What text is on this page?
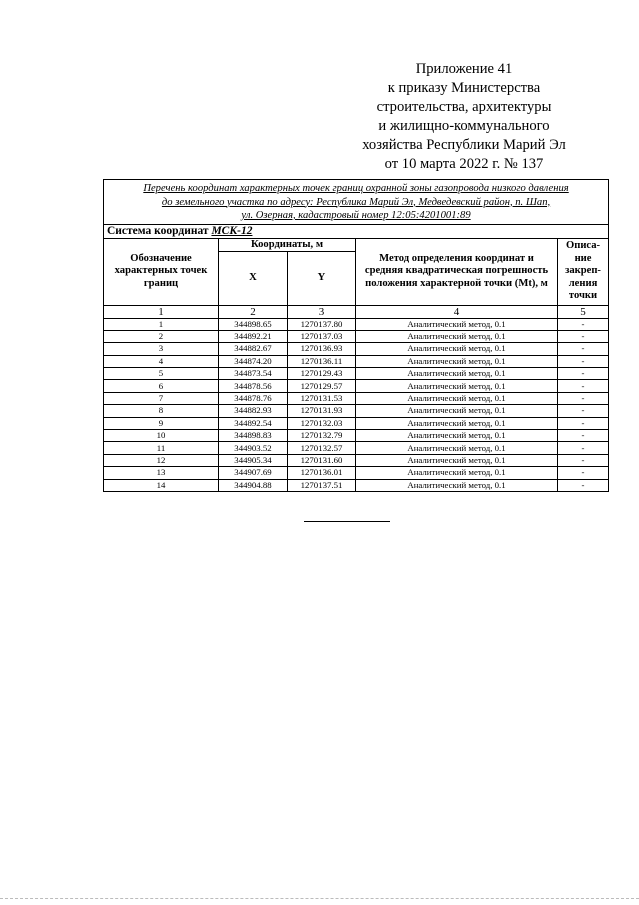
Приложение 41
к приказу Министерства
строительства, архитектуры
и жилищно-коммунального
хозяйства Республики Марий Эл
от 10 марта 2022 г. № 137
Перечень координат характерных точек границ охранной зоны газопровода низкого давления
до земельного участка по адресу: Республика Марий Эл, Медведевский район, п. Шап,
ул. Озерная, кадастровый номер 12:05:4201001:89				
Система координат МСК-12				
Обозначение характерных точек границ	Координаты, м		Метод определения координат и средняя квадратическая погрешность положения характерной точки (Mt), м	Описа-ние закреп-ления точки
	X	Y		
1	2	3	4	5
1	344898.65	1270137.80	Аналитический метод, 0.1	-
2	344892.21	1270137.03	Аналитический метод, 0.1	-
3	344882.67	1270136.93	Аналитический метод, 0.1	-
4	344874.20	1270136.11	Аналитический метод, 0.1	-
5	344873.54	1270129.43	Аналитический метод, 0.1	-
6	344878.56	1270129.57	Аналитический метод, 0.1	-
7	344878.76	1270131.53	Аналитический метод, 0.1	-
8	344882.93	1270131.93	Аналитический метод, 0.1	-
9	344892.54	1270132.03	Аналитический метод, 0.1	-
10	344898.83	1270132.79	Аналитический метод, 0.1	-
11	344903.52	1270132.57	Аналитический метод, 0.1	-
12	344905.34	1270131.60	Аналитический метод, 0.1	-
13	344907.69	1270136.01	Аналитический метод, 0.1	-
14	344904.88	1270137.51	Аналитический метод, 0.1	-
